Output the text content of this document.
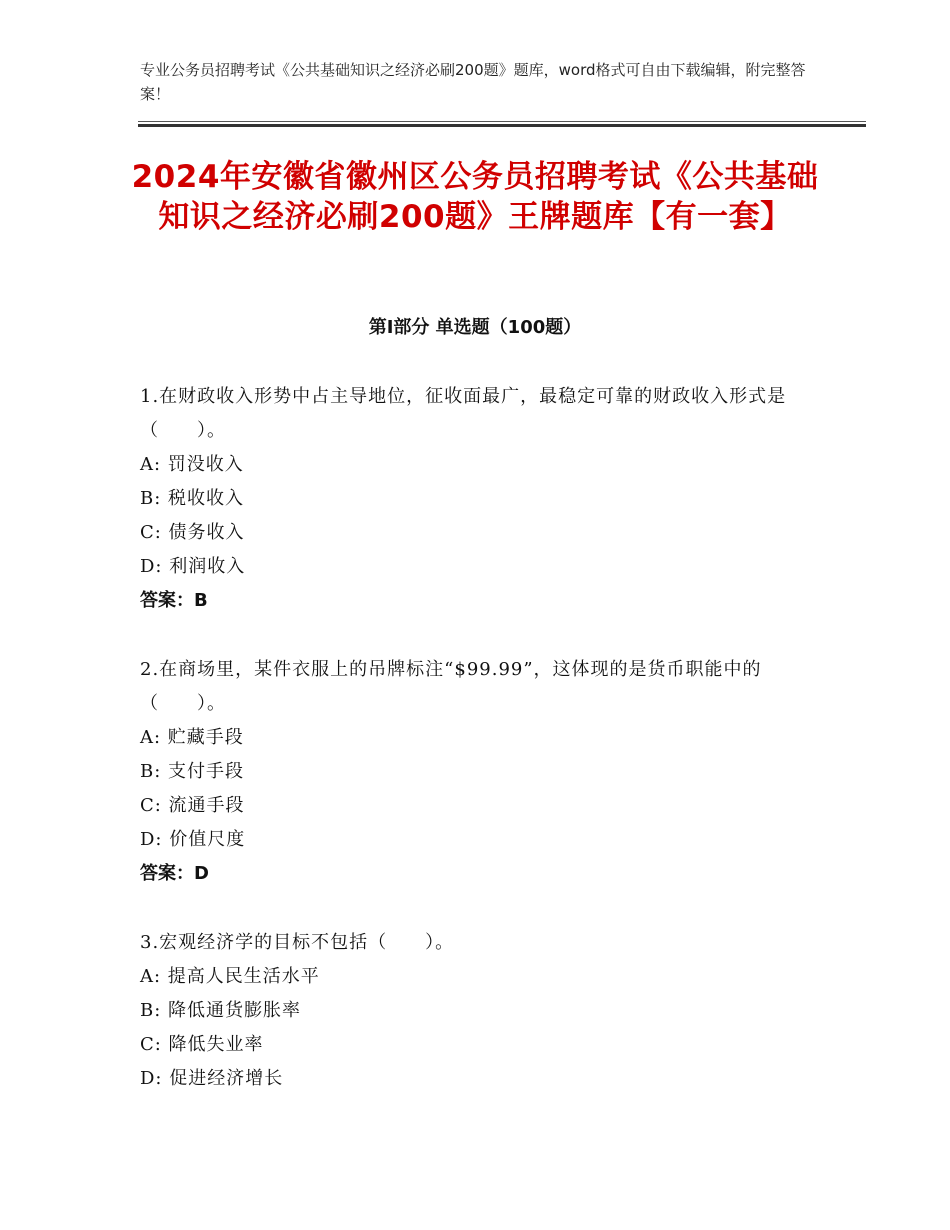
专业公务员招聘考试《公共基础知识之经济必刷200题》题库，word格式可自由下载编辑，附完整答案！
2024年安徽省徽州区公务员招聘考试《公共基础知识之经济必刷200题》王牌题库【有一套】
第Ⅰ部分 单选题（100题）
1.在财政收入形势中占主导地位，征收面最广，最稳定可靠的财政收入形式是（　　）。
A: 罚没收入
B: 税收收入
C: 债务收入
D: 利润收入
答案：B
2.在商场里，某件衣服上的吊牌标注“$99.99”，这体现的是货币职能中的（　　）。
A: 贮藏手段
B: 支付手段
C: 流通手段
D: 价值尺度
答案：D
3.宏观经济学的目标不包括（　　）。
A: 提高人民生活水平
B: 降低通货膨胀率
C: 降低失业率
D: 促进经济增长
